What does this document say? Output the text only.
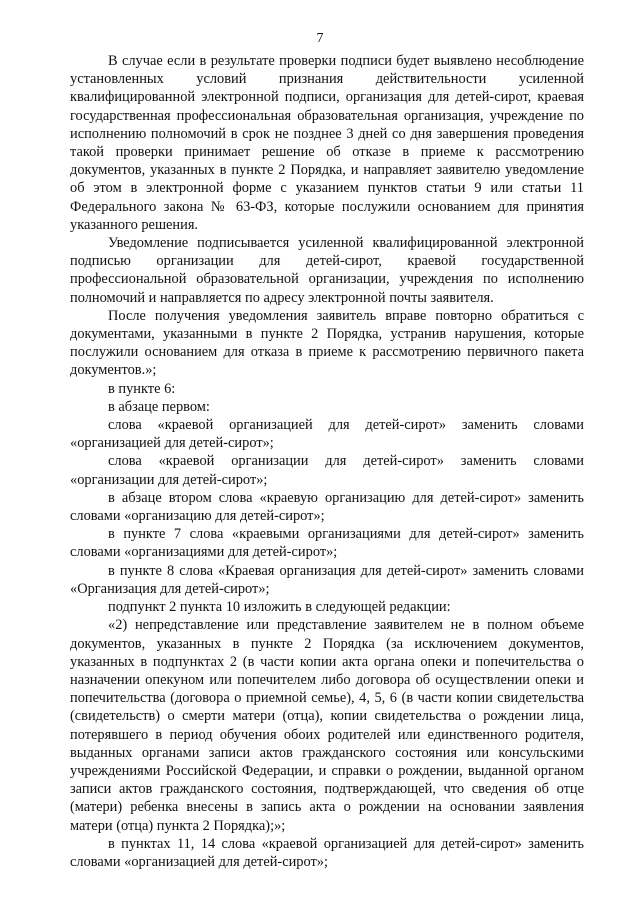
7

В случае если в результате проверки подписи будет выявлено несоблюдение установленных условий признания действительности усиленной квалифицированной электронной подписи, организация для детей-сирот, краевая государственная профессиональная образовательная организация, учреждение по исполнению полномочий в срок не позднее 3 дней со дня завершения проведения такой проверки принимает решение об отказе в приеме к рассмотрению документов, указанных в пункте 2 Порядка, и направляет заявителю уведомление об этом в электронной форме с указанием пунктов статьи 9 или статьи 11 Федерального закона № 63-ФЗ, которые послужили основанием для принятия указанного решения.

Уведомление подписывается усиленной квалифицированной электронной подписью организации для детей-сирот, краевой государственной профессиональной образовательной организации, учреждения по исполнению полномочий и направляется по адресу электронной почты заявителя.

После получения уведомления заявитель вправе повторно обратиться с документами, указанными в пункте 2 Порядка, устранив нарушения, которые послужили основанием для отказа в приеме к рассмотрению первичного пакета документов.»;

в пункте 6:

в абзаце первом:

слова «краевой организацией для детей-сирот» заменить словами «организацией для детей-сирот»;

слова «краевой организации для детей-сирот» заменить словами «организации для детей-сирот»;

в абзаце втором слова «краевую организацию для детей-сирот» заменить словами «организацию для детей-сирот»;

в пункте 7 слова «краевыми организациями для детей-сирот» заменить словами «организациями для детей-сирот»;

в пункте 8 слова «Краевая организация для детей-сирот» заменить словами «Организация для детей-сирот»;

подпункт 2 пункта 10 изложить в следующей редакции:

«2) непредставление или представление заявителем не в полном объеме документов, указанных в пункте 2 Порядка (за исключением документов, указанных в подпунктах 2 (в части копии акта органа опеки и попечительства о назначении опекуном или попечителем либо договора об осуществлении опеки и попечительства (договора о приемной семье), 4, 5, 6 (в части копии свидетельства (свидетельств) о смерти матери (отца), копии свидетельства о рождении лица, потерявшего в период обучения обоих родителей или единственного родителя, выданных органами записи актов гражданского состояния или консульскими учреждениями Российской Федерации, и справки о рождении, выданной органом записи актов гражданского состояния, подтверждающей, что сведения об отце (матери) ребенка внесены в запись акта о рождении на основании заявления матери (отца) пункта 2 Порядка);»;

в пунктах 11, 14 слова «краевой организацией для детей-сирот» заменить словами «организацией для детей-сирот»;
